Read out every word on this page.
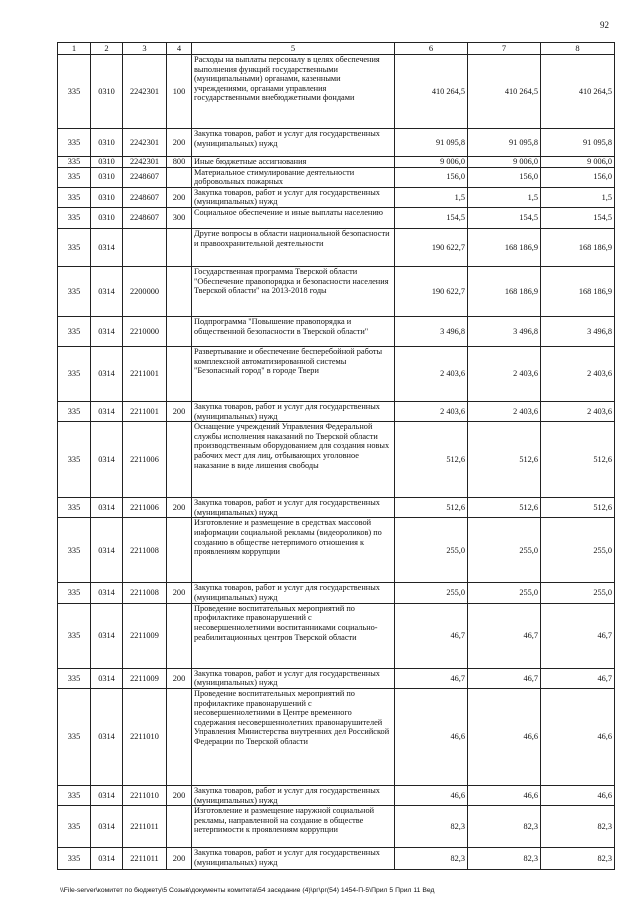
92
1	2	3	4	5	6	7	8
335	0310	2242301	100	Расходы на выплаты персоналу в целях обеспечения выполнения функций государственными (муниципальными) органами, казенными учреждениями, органами управления государственными внебюджетными фондами	410 264,5	410 264,5	410 264,5
335	0310	2242301	200	Закупка товаров, работ и услуг для государственных (муниципальных) нужд	91 095,8	91 095,8	91 095,8
335	0310	2242301	800	Иные бюджетные ассигнования	9 006,0	9 006,0	9 006,0
335	0310	2248607		Материальное стимулирование деятельности добровольных пожарных	156,0	156,0	156,0
335	0310	2248607	200	Закупка товаров, работ и услуг для государственных (муниципальных) нужд	1,5	1,5	1,5
335	0310	2248607	300	Социальное обеспечение и иные выплаты населению	154,5	154,5	154,5
335	0314			Другие вопросы в области национальной безопасности и правоохранительной деятельности	190 622,7	168 186,9	168 186,9
335	0314	2200000		Государственная программа Тверской области "Обеспечение правопорядка и безопасности населения Тверской области" на 2013-2018 годы	190 622,7	168 186,9	168 186,9
335	0314	2210000		Подпрограмма "Повышение правопорядка и общественной безопасности в Тверской области"	3 496,8	3 496,8	3 496,8
335	0314	2211001		Развертывание и обеспечение бесперебойной работы комплексной автоматизированной системы "Безопасный город" в городе Твери	2 403,6	2 403,6	2 403,6
335	0314	2211001	200	Закупка товаров, работ и услуг для государственных (муниципальных) нужд	2 403,6	2 403,6	2 403,6
335	0314	2211006		Оснащение учреждений Управления Федеральной службы исполнения наказаний по Тверской области производственным оборудованием для создания новых рабочих мест для лиц, отбывающих уголовное наказание в виде лишения свободы	512,6	512,6	512,6
335	0314	2211006	200	Закупка товаров, работ и услуг для государственных (муниципальных) нужд	512,6	512,6	512,6
335	0314	2211008		Изготовление и размещение в средствах массовой информации социальной рекламы (видеороликов) по созданию в обществе нетерпимого отношения к проявлениям коррупции	255,0	255,0	255,0
335	0314	2211008	200	Закупка товаров, работ и услуг для государственных (муниципальных) нужд	255,0	255,0	255,0
335	0314	2211009		Проведение воспитательных мероприятий по профилактике правонарушений с несовершеннолетними воспитанниками социально-реабилитационных центров Тверской области	46,7	46,7	46,7
335	0314	2211009	200	Закупка товаров, работ и услуг для государственных (муниципальных) нужд	46,7	46,7	46,7
335	0314	2211010		Проведение воспитательных мероприятий по профилактике правонарушений с несовершеннолетними в Центре временного содержания несовершеннолетних правонарушителей Управления Министерства внутренних дел Российской Федерации по Тверской области	46,6	46,6	46,6
335	0314	2211010	200	Закупка товаров, работ и услуг для государственных (муниципальных) нужд	46,6	46,6	46,6
335	0314	2211011		Изготовление и размещение наружной социальной рекламы, направленной на создание в обществе нетерпимости к проявлениям коррупции	82,3	82,3	82,3
335	0314	2211011	200	Закупка товаров, работ и услуг для государственных (муниципальных) нужд	82,3	82,3	82,3
\\File-server\комитет по бюджету\5 Созыв\документы комитета\54 заседание (4)\рг\рг(54) 1454-П-5\Прил 5 Прил 11 Вед
